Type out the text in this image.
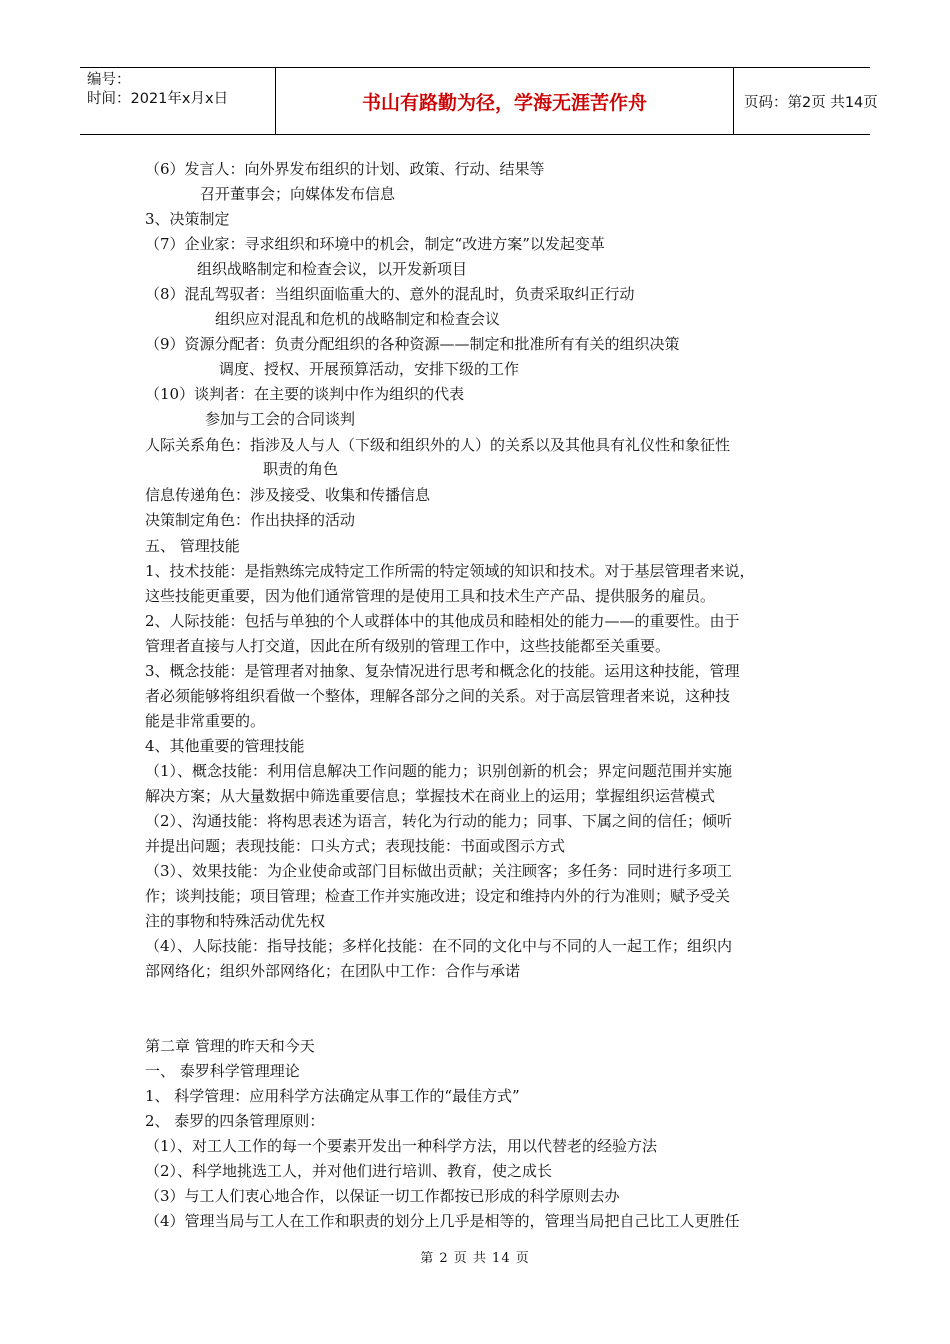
编号：
时间：2021年x月x日	书山有路勤为径，学海无涯苦作舟	页码：第2页 共14页
（6）发言人：向外界发布组织的计划、政策、行动、结果等
召开董事会；向媒体发布信息
3、决策制定
（7）企业家：寻求组织和环境中的机会，制定“改进方案”以发起变革
组织战略制定和检查会议，以开发新项目
（8）混乱驾驭者：当组织面临重大的、意外的混乱时，负责采取纠正行动
组织应对混乱和危机的战略制定和检查会议
（9）资源分配者：负责分配组织的各种资源——制定和批准所有有关的组织决策
调度、授权、开展预算活动，安排下级的工作
（10）谈判者：在主要的谈判中作为组织的代表
参加与工会的合同谈判
人际关系角色：指涉及人与人（下级和组织外的人）的关系以及其他具有礼仪性和象征性
职责的角色
信息传递角色：涉及接受、收集和传播信息
决策制定角色：作出抉择的活动
五、 管理技能
1、技术技能：是指熟练完成特定工作所需的特定领域的知识和技术。对于基层管理者来说，
这些技能更重要，因为他们通常管理的是使用工具和技术生产产品、提供服务的雇员。
2、人际技能：包括与单独的个人或群体中的其他成员和睦相处的能力——的重要性。由于
管理者直接与人打交道，因此在所有级别的管理工作中，这些技能都至关重要。
3、概念技能：是管理者对抽象、复杂情况进行思考和概念化的技能。运用这种技能，管理
者必须能够将组织看做一个整体，理解各部分之间的关系。对于高层管理者来说，这种技
能是非常重要的。
4、其他重要的管理技能
（1）、概念技能：利用信息解决工作问题的能力；识别创新的机会；界定问题范围并实施
解决方案；从大量数据中筛选重要信息；掌握技术在商业上的运用；掌握组织运营模式
（2）、沟通技能：将构思表述为语言，转化为行动的能力；同事、下属之间的信任；倾听
并提出问题；表现技能：口头方式；表现技能：书面或图示方式
（3）、效果技能：为企业使命或部门目标做出贡献；关注顾客；多任务：同时进行多项工
作；谈判技能；项目管理；检查工作并实施改进；设定和维持内外的行为准则；赋予受关
注的事物和特殊活动优先权
（4）、人际技能：指导技能；多样化技能：在不同的文化中与不同的人一起工作；组织内
部网络化；组织外部网络化；在团队中工作：合作与承诺
第二章 管理的昨天和今天
一、 泰罗科学管理理论
1、 科学管理：应用科学方法确定从事工作的“最佳方式”
2、 泰罗的四条管理原则：
（1）、对工人工作的每一个要素开发出一种科学方法，用以代替老的经验方法
（2）、科学地挑选工人，并对他们进行培训、教育，使之成长
（3）与工人们衷心地合作，以保证一切工作都按已形成的科学原则去办
（4）管理当局与工人在工作和职责的划分上几乎是相等的，管理当局把自己比工人更胜任
第 2 页 共 14 页
